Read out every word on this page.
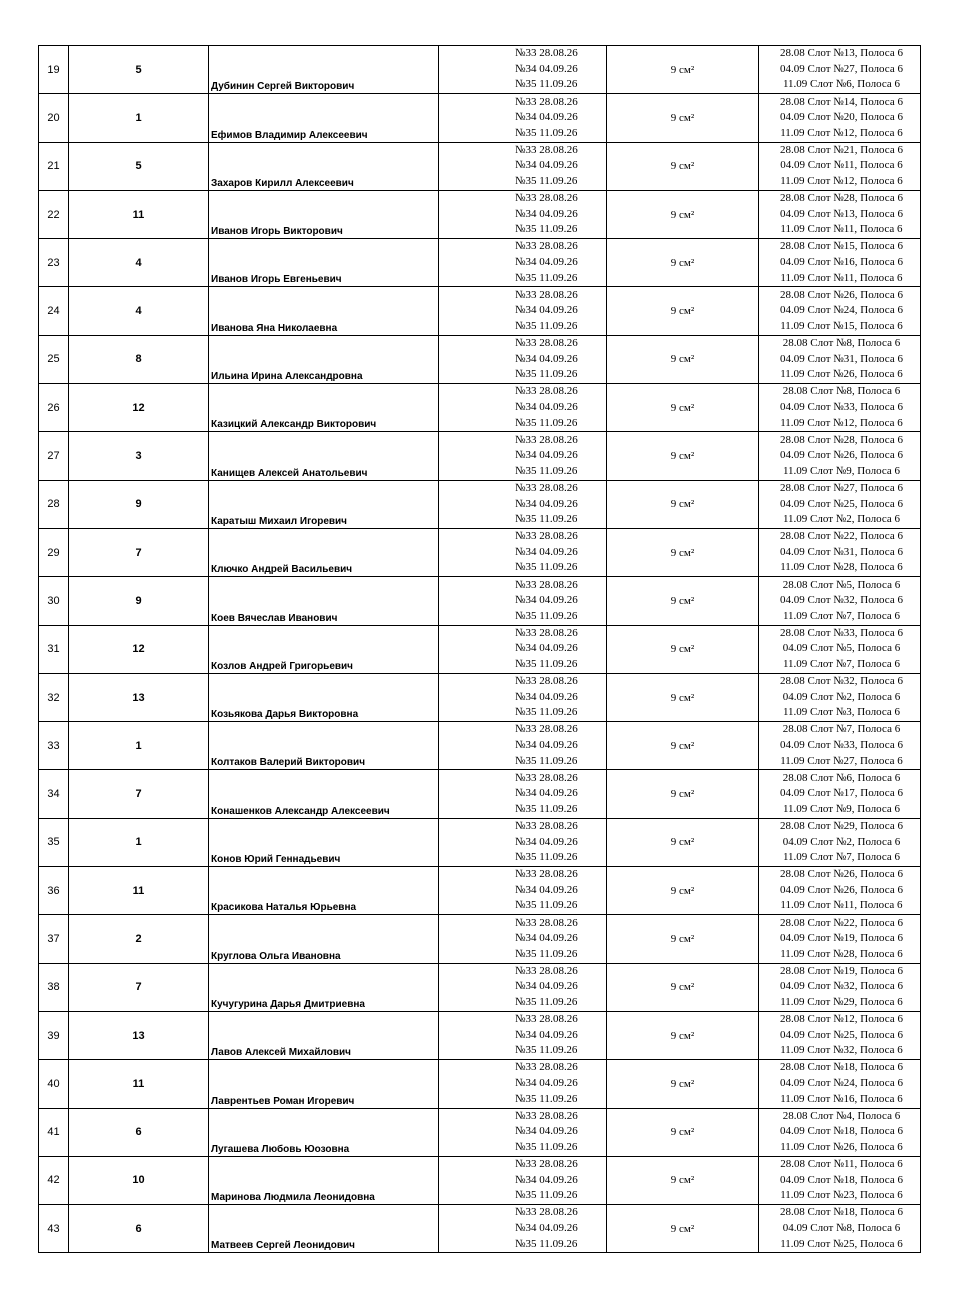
19	5	Дубинин Сергей Викторович	№33 28.08.26
№34 04.09.26
№35 11.09.26	9 см²	28.08 Слот №13, Полоса 6
04.09 Слот №27, Полоса 6
11.09 Слот №6, Полоса 6

20	1	Ефимов Владимир Алексеевич	№33 28.08.26
№34 04.09.26
№35 11.09.26	9 см²	28.08 Слот №14, Полоса 6
04.09 Слот №20, Полоса 6
11.09 Слот №12, Полоса 6

21	5	Захаров Кирилл Алексеевич	№33 28.08.26
№34 04.09.26
№35 11.09.26	9 см²	28.08 Слот №21, Полоса 6
04.09 Слот №11, Полоса 6
11.09 Слот №12, Полоса 6

22	11	Иванов Игорь Викторович	№33 28.08.26
№34 04.09.26
№35 11.09.26	9 см²	28.08 Слот №28, Полоса 6
04.09 Слот №13, Полоса 6
11.09 Слот №11, Полоса 6

23	4	Иванов Игорь Евгеньевич	№33 28.08.26
№34 04.09.26
№35 11.09.26	9 см²	28.08 Слот №15, Полоса 6
04.09 Слот №16, Полоса 6
11.09 Слот №11, Полоса 6

24	4	Иванова Яна Николаевна	№33 28.08.26
№34 04.09.26
№35 11.09.26	9 см²	28.08 Слот №26, Полоса 6
04.09 Слот №24, Полоса 6
11.09 Слот №15, Полоса 6

25	8	Ильина Ирина Александровна	№33 28.08.26
№34 04.09.26
№35 11.09.26	9 см²	28.08 Слот №8, Полоса 6
04.09 Слот №31, Полоса 6
11.09 Слот №26, Полоса 6

26	12	Казицкий Александр Викторович	№33 28.08.26
№34 04.09.26
№35 11.09.26	9 см²	28.08 Слот №8, Полоса 6
04.09 Слот №33, Полоса 6
11.09 Слот №12, Полоса 6

27	3	Канищев Алексей Анатольевич	№33 28.08.26
№34 04.09.26
№35 11.09.26	9 см²	28.08 Слот №28, Полоса 6
04.09 Слот №26, Полоса 6
11.09 Слот №9, Полоса 6

28	9	Каратыш Михаил Игоревич	№33 28.08.26
№34 04.09.26
№35 11.09.26	9 см²	28.08 Слот №27, Полоса 6
04.09 Слот №25, Полоса 6
11.09 Слот №2, Полоса 6

29	7	Ключко Андрей Васильевич	№33 28.08.26
№34 04.09.26
№35 11.09.26	9 см²	28.08 Слот №22, Полоса 6
04.09 Слот №31, Полоса 6
11.09 Слот №28, Полоса 6

30	9	Коев Вячеслав Иванович	№33 28.08.26
№34 04.09.26
№35 11.09.26	9 см²	28.08 Слот №5, Полоса 6
04.09 Слот №32, Полоса 6
11.09 Слот №7, Полоса 6

31	12	Козлов Андрей Григорьевич	№33 28.08.26
№34 04.09.26
№35 11.09.26	9 см²	28.08 Слот №33, Полоса 6
04.09 Слот №5, Полоса 6
11.09 Слот №7, Полоса 6

32	13	Козьякова Дарья Викторовна	№33 28.08.26
№34 04.09.26
№35 11.09.26	9 см²	28.08 Слот №32, Полоса 6
04.09 Слот №2, Полоса 6
11.09 Слот №3, Полоса 6

33	1	Колтаков Валерий Викторович	№33 28.08.26
№34 04.09.26
№35 11.09.26	9 см²	28.08 Слот №7, Полоса 6
04.09 Слот №33, Полоса 6
11.09 Слот №27, Полоса 6

34	7	Конашенков Александр Алексеевич	№33 28.08.26
№34 04.09.26
№35 11.09.26	9 см²	28.08 Слот №6, Полоса 6
04.09 Слот №17, Полоса 6
11.09 Слот №9, Полоса 6

35	1	Конов Юрий Геннадьевич	№33 28.08.26
№34 04.09.26
№35 11.09.26	9 см²	28.08 Слот №29, Полоса 6
04.09 Слот №2, Полоса 6
11.09 Слот №7, Полоса 6

36	11	Красикова Наталья Юрьевна	№33 28.08.26
№34 04.09.26
№35 11.09.26	9 см²	28.08 Слот №26, Полоса 6
04.09 Слот №26, Полоса 6
11.09 Слот №11, Полоса 6

37	2	Круглова Ольга Ивановна	№33 28.08.26
№34 04.09.26
№35 11.09.26	9 см²	28.08 Слот №22, Полоса 6
04.09 Слот №19, Полоса 6
11.09 Слот №28, Полоса 6

38	7	Кучугурина Дарья Дмитриевна	№33 28.08.26
№34 04.09.26
№35 11.09.26	9 см²	28.08 Слот №19, Полоса 6
04.09 Слот №32, Полоса 6
11.09 Слот №29, Полоса 6

39	13	Лавов Алексей Михайлович	№33 28.08.26
№34 04.09.26
№35 11.09.26	9 см²	28.08 Слот №12, Полоса 6
04.09 Слот №25, Полоса 6
11.09 Слот №32, Полоса 6

40	11	Лаврентьев Роман Игоревич	№33 28.08.26
№34 04.09.26
№35 11.09.26	9 см²	28.08 Слот №18, Полоса 6
04.09 Слот №24, Полоса 6
11.09 Слот №16, Полоса 6

41	6	Лугашева Любовь Юозовна	№33 28.08.26
№34 04.09.26
№35 11.09.26	9 см²	28.08 Слот №4, Полоса 6
04.09 Слот №18, Полоса 6
11.09 Слот №26, Полоса 6

42	10	Маринова Людмила Леонидовна	№33 28.08.26
№34 04.09.26
№35 11.09.26	9 см²	28.08 Слот №11, Полоса 6
04.09 Слот №18, Полоса 6
11.09 Слот №23, Полоса 6

43	6	Матвеев Сергей Леонидович	№33 28.08.26
№34 04.09.26
№35 11.09.26	9 см²	28.08 Слот №18, Полоса 6
04.09 Слот №8, Полоса 6
11.09 Слот №25, Полоса 6
